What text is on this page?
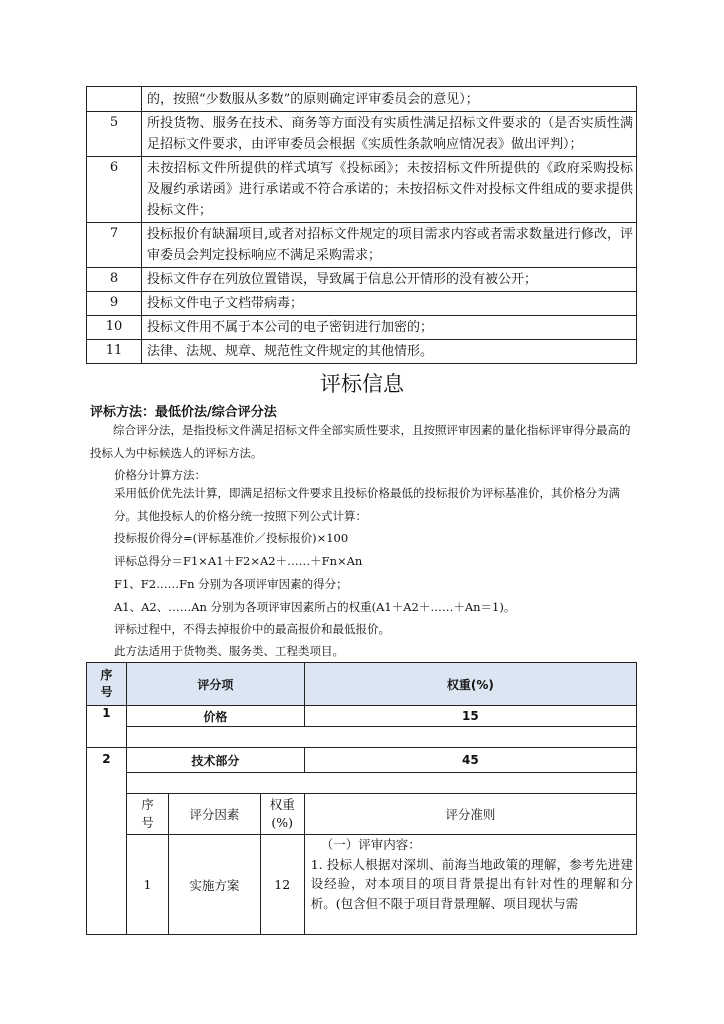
	的，按照“少数服从多数”的原则确定评审委员会的意见）；
5	所投货物、服务在技术、商务等方面没有实质性满足招标文件要求的（是否实质性满足招标文件要求，由评审委员会根据《实质性条款响应情况表》做出评判）；
6	未按招标文件所提供的样式填写《投标函》；未按招标文件所提供的《政府采购投标及履约承诺函》进行承诺或不符合承诺的；未按招标文件对投标文件组成的要求提供投标文件；
7	投标报价有缺漏项目,或者对招标文件规定的项目需求内容或者需求数量进行修改，评审委员会判定投标响应不满足采购需求；
8	投标文件存在列放位置错误，导致属于信息公开情形的没有被公开；
9	投标文件电子文档带病毒；
10	投标文件用不属于本公司的电子密钥进行加密的；
11	法律、法规、规章、规范性文件规定的其他情形。
评标信息
评标方法：最低价法/综合评分法
综合评分法，是指投标文件满足招标文件全部实质性要求，且按照评审因素的量化指标评审得分最高的投标人为中标候选人的评标方法。
价格分计算方法：
采用低价优先法计算，即满足招标文件要求且投标价格最低的投标报价为评标基准价，其价格分为满分。其他投标人的价格分统一按照下列公式计算：
投标报价得分=(评标基准价／投标报价)×100
评标总得分＝F1×A1＋F2×A2＋……＋Fn×An
F1、F2……Fn 分别为各项评审因素的得分；
A1、A2、……An 分别为各项评审因素所占的权重(A1＋A2＋……＋An＝1)。
评标过程中，不得去掉报价中的最高报价和最低报价。
此方法适用于货物类、服务类、工程类项目。
序号	评分项			权重(%)
1	价格			15

2	技术部分			45

	序号	评分因素	权重(%)	评分准则
	1	实施方案	12	（一）评审内容：
1. 投标人根据对深圳、前海当地政策的理解，参考先进建设经验，对本项目的项目背景提出有针对性的理解和分析。(包含但不限于项目背景理解、项目现状与需
